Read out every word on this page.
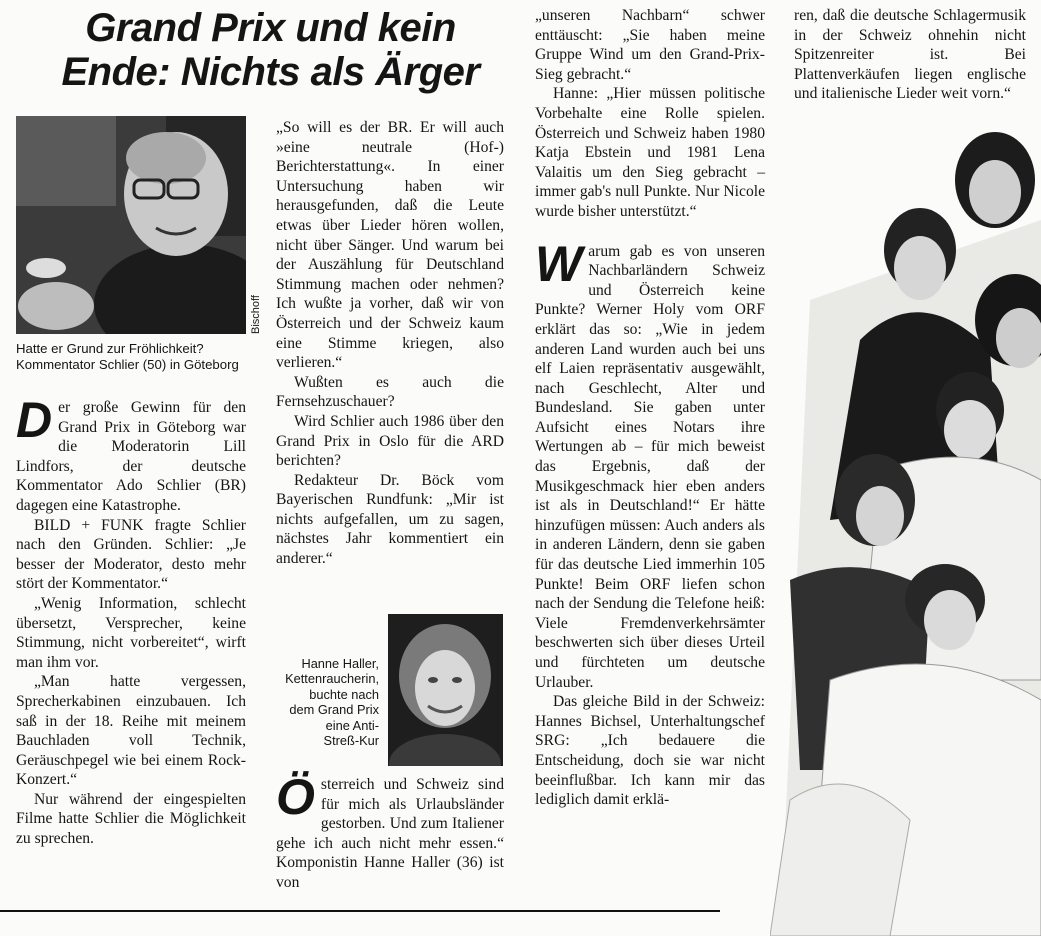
Grand Prix und kein
Ende: Nichts als Ärger
Bischoff
Hatte er Grund zur Fröhlichkeit? Kommentator Schlier (50) in Göteborg

Der große Gewinn für den Grand Prix in Göteborg war die Moderatorin Lill Lindfors, der deutsche Kommentator Ado Schlier (BR) dagegen eine Katastrophe.

BILD + FUNK fragte Schlier nach den Gründen. Schlier: „Je besser der Moderator, desto mehr stört der Kommentator.“

„Wenig Information, schlecht übersetzt, Versprecher, keine Stimmung, nicht vorbereitet“, wirft man ihm vor.

„Man hatte vergessen, Sprecherkabinen einzubauen. Ich saß in der 18. Reihe mit meinem Bauchladen voll Technik, Geräuschpegel wie bei einem Rock-Konzert.“

Nur während der eingespielten Filme hatte Schlier die Möglichkeit zu sprechen.

„So will es der BR. Er will auch »eine neutrale (Hof-) Berichterstattung«. In einer Untersuchung haben wir herausgefunden, daß die Leute etwas über Lieder hören wollen, nicht über Sänger. Und warum bei der Auszählung für Deutschland Stimmung machen oder nehmen? Ich wußte ja vorher, daß wir von Österreich und der Schweiz kaum eine Stimme kriegen, also verlieren.“

Wußten es auch die Fernsehzuschauer?

Wird Schlier auch 1986 über den Grand Prix in Oslo für die ARD berichten?

Redakteur Dr. Böck vom Bayerischen Rundfunk: „Mir ist nichts aufgefallen, um zu sagen, nächstes Jahr kommentiert ein anderer.“

Hanne Haller,
Kettenraucherin,
buchte nach
dem Grand Prix
eine Anti-
Streß-Kur

Österreich und Schweiz sind für mich als Urlaubsländer gestorben. Und zum Italiener gehe ich auch nicht mehr essen.“ Komponistin Hanne Haller (36) ist von

„unseren Nachbarn“ schwer enttäuscht: „Sie haben meine Gruppe Wind um den Grand-Prix-Sieg gebracht.“

Hanne: „Hier müssen politische Vorbehalte eine Rolle spielen. Österreich und Schweiz haben 1980 Katja Ebstein und 1981 Lena Valaitis um den Sieg gebracht – immer gab's null Punkte. Nur Nicole wurde bisher unterstützt.“

Warum gab es von unseren Nachbarländern Schweiz und Österreich keine Punkte? Werner Holy vom ORF erklärt das so: „Wie in jedem anderen Land wurden auch bei uns elf Laien repräsentativ ausgewählt, nach Geschlecht, Alter und Bundesland. Sie gaben unter Aufsicht eines Notars ihre Wertungen ab – für mich beweist das Ergebnis, daß der Musikgeschmack hier eben anders ist als in Deutschland!“ Er hätte hinzufügen müssen: Auch anders als in anderen Ländern, denn sie gaben für das deutsche Lied immerhin 105 Punkte! Beim ORF liefen schon nach der Sendung die Telefone heiß: Viele Fremdenverkehrsämter beschwerten sich über dieses Urteil und fürchteten um deutsche Urlauber.

Das gleiche Bild in der Schweiz: Hannes Bichsel, Unterhaltungschef SRG: „Ich bedauere die Entscheidung, doch sie war nicht beeinflußbar. Ich kann mir das lediglich damit erklä-

ren, daß die deutsche Schlagermusik in der Schweiz ohnehin nicht Spitzenreiter ist. Bei Plattenverkäufen liegen englische und italienische Lieder weit vorn.“
